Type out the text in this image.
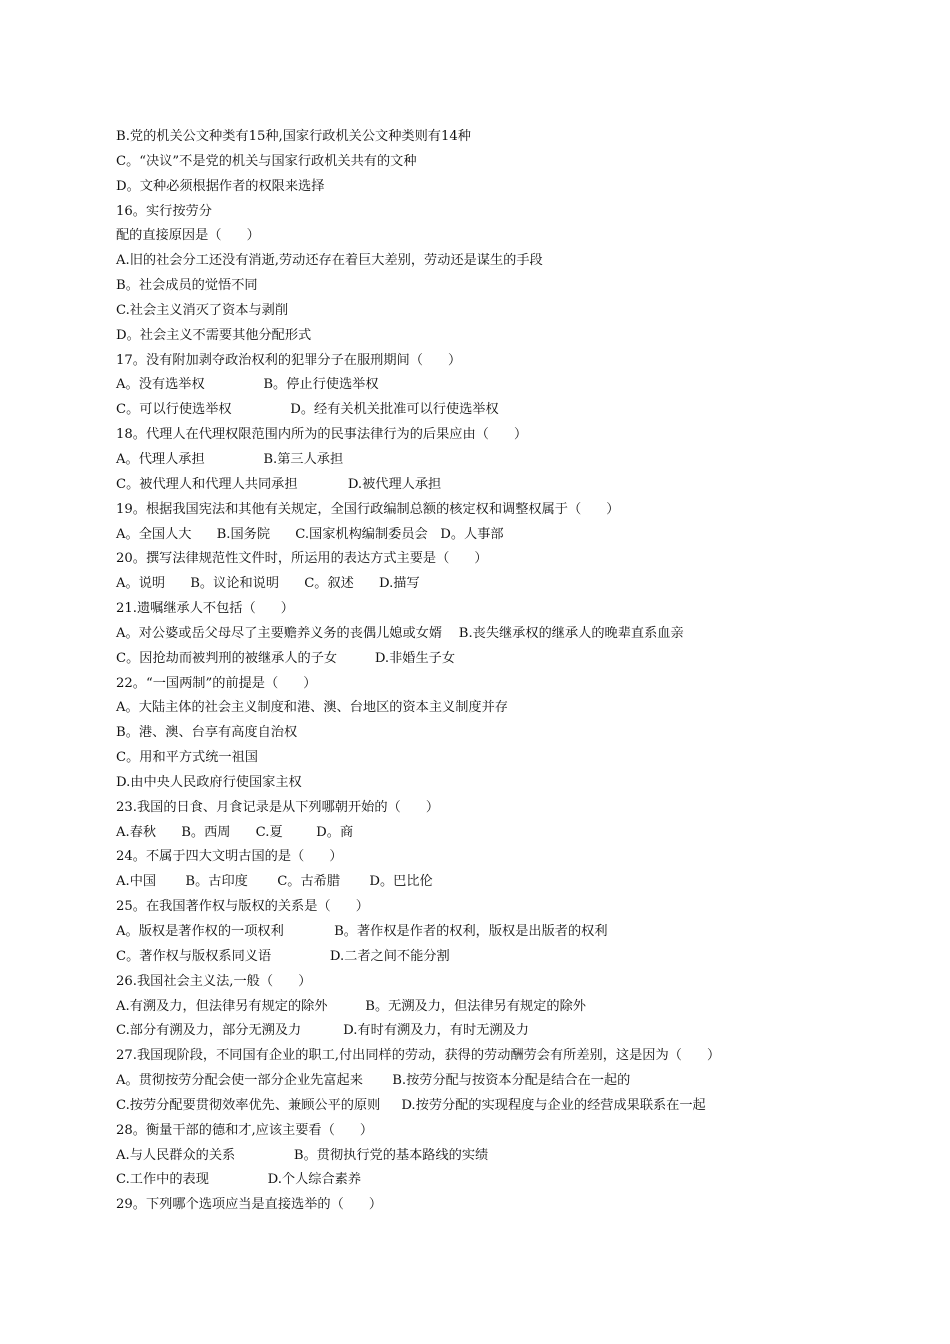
B.党的机关公文种类有15种,国家行政机关公文种类则有14种
C。“决议”不是党的机关与国家行政机关共有的文种
D。文种必须根据作者的权限来选择
16。实行按劳分
配的直接原因是（      ）
A.旧的社会分工还没有消逝,劳动还存在着巨大差别，劳动还是谋生的手段
B。社会成员的觉悟不同
C.社会主义消灭了资本与剥削
D。社会主义不需要其他分配形式
17。没有附加剥夺政治权利的犯罪分子在服刑期间（      ）
A。没有选举权              B。停止行使选举权
C。可以行使选举权              D。经有关机关批准可以行使选举权
18。代理人在代理权限范围内所为的民事法律行为的后果应由（      ）
A。代理人承担              B.第三人承担
C。被代理人和代理人共同承担            D.被代理人承担
19。根据我国宪法和其他有关规定，全国行政编制总额的核定权和调整权属于（      ）
A。全国人大      B.国务院      C.国家机构编制委员会   D。人事部
20。撰写法律规范性文件时，所运用的表达方式主要是（      ）
A。说明      B。议论和说明      C。叙述      D.描写
21.遗嘱继承人不包括（      ）
A。对公婆或岳父母尽了主要赡养义务的丧偶儿媳或女婿    B.丧失继承权的继承人的晚辈直系血亲
C。因抢劫而被判刑的被继承人的子女         D.非婚生子女
22。“一国两制”的前提是（      ）
A。大陆主体的社会主义制度和港、澳、台地区的资本主义制度并存
B。港、澳、台享有高度自治权
C。用和平方式统一祖国
D.由中央人民政府行使国家主权
23.我国的日食、月食记录是从下列哪朝开始的（      ）
A.春秋      B。西周      C.夏        D。商
24。不属于四大文明古国的是（      ）
A.中国       B。古印度       C。古希腊       D。巴比伦
25。在我国著作权与版权的关系是（      ）
A。版权是著作权的一项权利            B。著作权是作者的权利，版权是出版者的权利
C。著作权与版权系同义语              D.二者之间不能分割
26.我国社会主义法,一般（      ）
A.有溯及力，但法律另有规定的除外         B。无溯及力，但法律另有规定的除外
C.部分有溯及力，部分无溯及力          D.有时有溯及力，有时无溯及力
27.我国现阶段，不同国有企业的职工,付出同样的劳动，获得的劳动酬劳会有所差别，这是因为（      ）
A。贯彻按劳分配会使一部分企业先富起来       B.按劳分配与按资本分配是结合在一起的
C.按劳分配要贯彻效率优先、兼顾公平的原则     D.按劳分配的实现程度与企业的经营成果联系在一起
28。衡量干部的德和才,应该主要看（      ）
A.与人民群众的关系              B。贯彻执行党的基本路线的实绩
C.工作中的表现              D.个人综合素养
29。下列哪个选项应当是直接选举的（      ）
